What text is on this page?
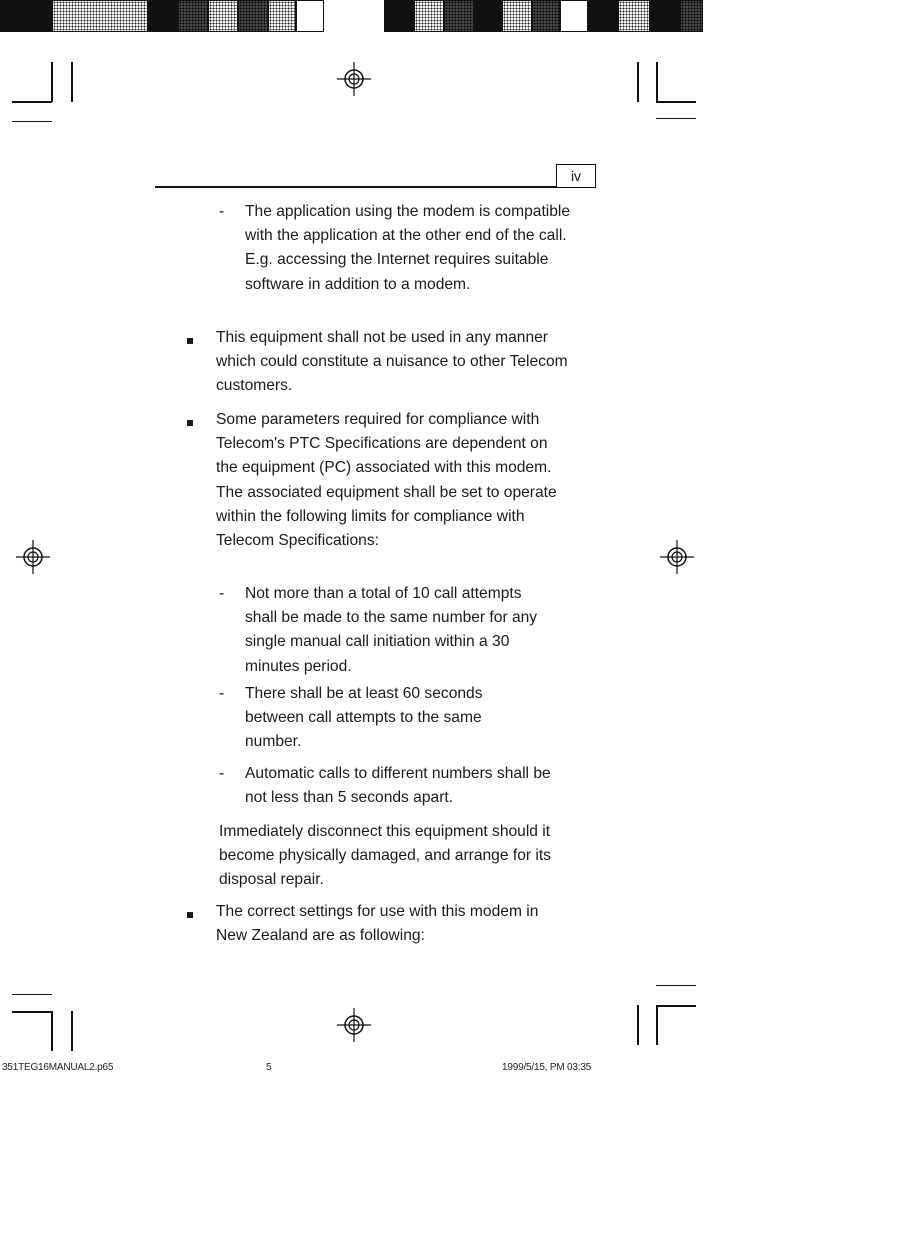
iv
- The application using the modem is compatible with the application at the other end of the call. E.g. accessing the Internet requires suitable software in addition to a modem.
This equipment shall not be used in any manner which could constitute a nuisance to other Telecom customers.
Some parameters required for compliance with Telecom's PTC Specifications are dependent on the equipment (PC) associated with this modem. The associated equipment shall be set to operate within the following limits for compliance with Telecom Specifications:
- Not more than a total of 10 call attempts shall be made to the same number for any single manual call initiation within a 30 minutes period.
- There shall be at least 60 seconds between call attempts to the same number.
- Automatic calls to different numbers shall be not less than 5 seconds apart.
Immediately disconnect this equipment should it become physically damaged, and arrange for its disposal repair.
The correct settings for use with this modem in New Zealand are as following:
351TEG16MANUAL2.p65	5	1999/5/15, PM 03:35
